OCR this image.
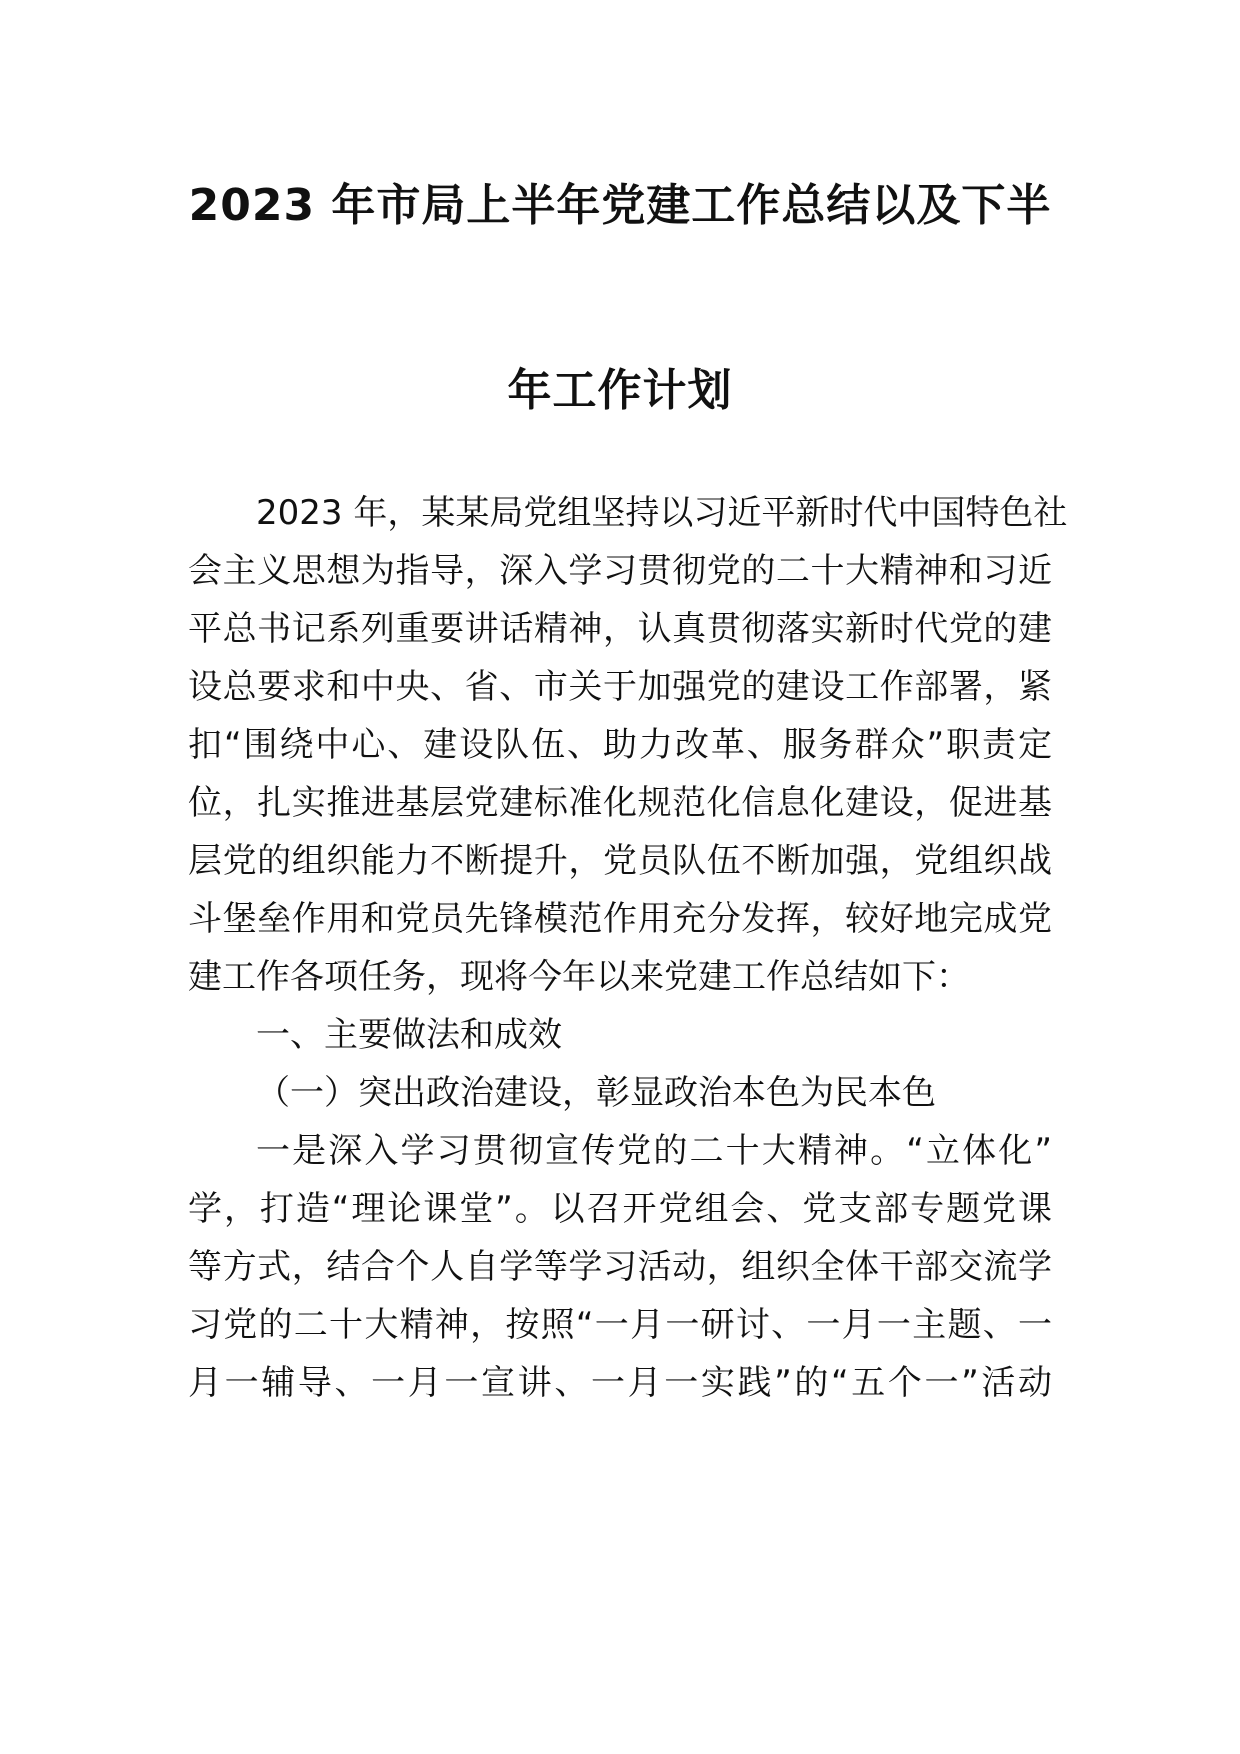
2023 年市局上半年党建工作总结以及下半
年工作计划
2023 年，某某局党组坚持以习近平新时代中国特色社
会主义思想为指导，深入学习贯彻党的二十大精神和习近
平总书记系列重要讲话精神，认真贯彻落实新时代党的建
设总要求和中央、省、市关于加强党的建设工作部署，紧
扣“围绕中心、建设队伍、助力改革、服务群众”职责定
位，扎实推进基层党建标准化规范化信息化建设，促进基
层党的组织能力不断提升，党员队伍不断加强，党组织战
斗堡垒作用和党员先锋模范作用充分发挥，较好地完成党
建工作各项任务，现将今年以来党建工作总结如下：
一、主要做法和成效
（一）突出政治建设，彰显政治本色为民本色
一是深入学习贯彻宣传党的二十大精神。“立体化”
学，打造“理论课堂”。以召开党组会、党支部专题党课
等方式，结合个人自学等学习活动，组织全体干部交流学
习党的二十大精神，按照“一月一研讨、一月一主题、一
月一辅导、一月一宣讲、一月一实践”的“五个一”活动
